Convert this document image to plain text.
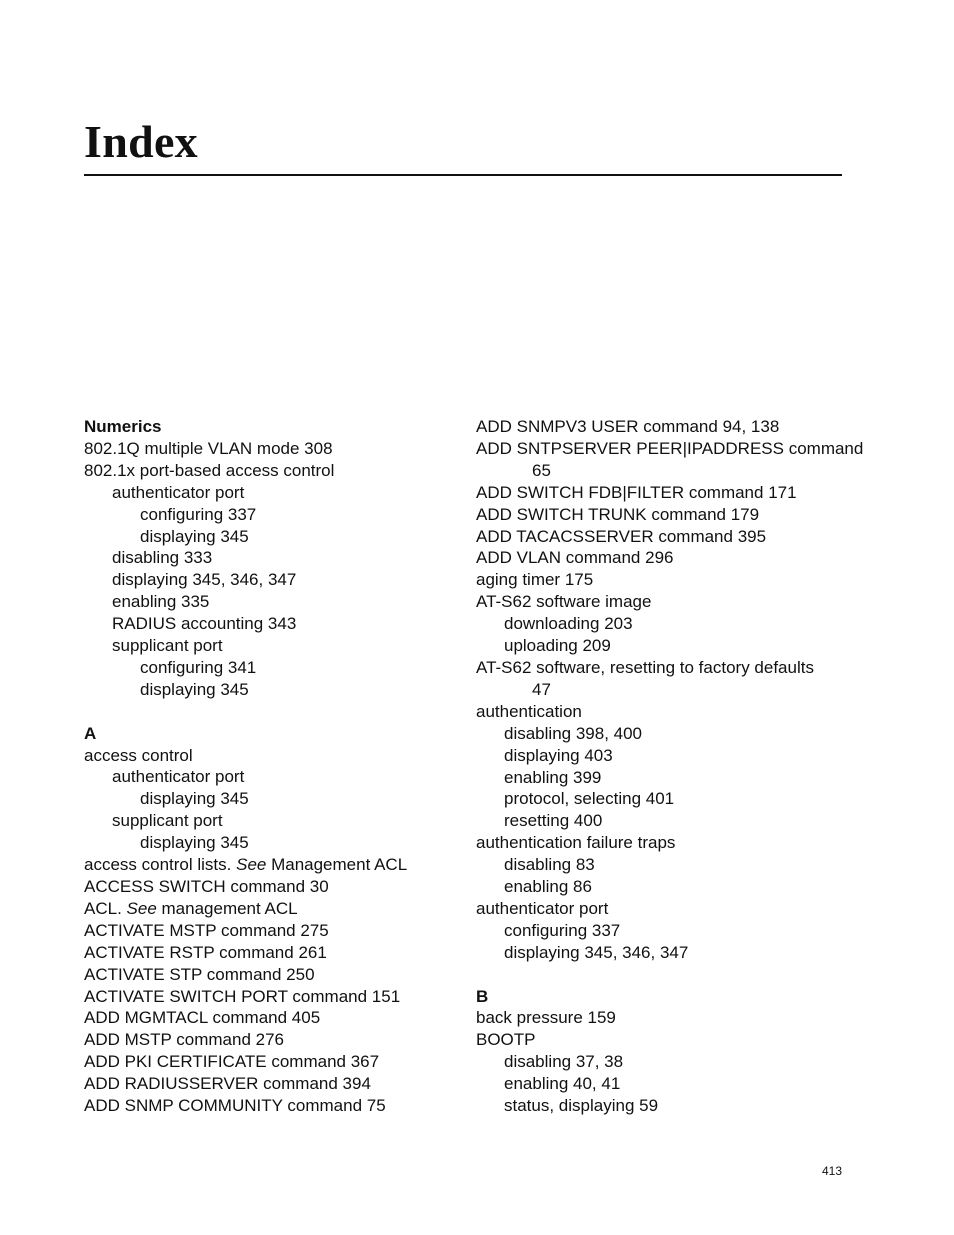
Index
Numerics
802.1Q multiple VLAN mode 308
802.1x port-based access control
authenticator port
configuring 337
displaying 345
disabling 333
displaying 345, 346, 347
enabling 335
RADIUS accounting 343
supplicant port
configuring 341
displaying 345
A
access control
authenticator port
displaying 345
supplicant port
displaying 345
access control lists. See Management ACL
ACCESS SWITCH command 30
ACL. See management ACL
ACTIVATE MSTP command 275
ACTIVATE RSTP command 261
ACTIVATE STP command 250
ACTIVATE SWITCH PORT command 151
ADD MGMTACL command 405
ADD MSTP command 276
ADD PKI CERTIFICATE command 367
ADD RADIUSSERVER command 394
ADD SNMP COMMUNITY command 75
ADD SNMPV3 USER command 94, 138
ADD SNTPSERVER PEER|IPADDRESS command
65
ADD SWITCH FDB|FILTER command 171
ADD SWITCH TRUNK command 179
ADD TACACSSERVER command 395
ADD VLAN command 296
aging timer 175
AT-S62 software image
downloading 203
uploading 209
AT-S62 software, resetting to factory defaults
47
authentication
disabling 398, 400
displaying 403
enabling 399
protocol, selecting 401
resetting 400
authentication failure traps
disabling 83
enabling 86
authenticator port
configuring 337
displaying 345, 346, 347
B
back pressure 159
BOOTP
disabling 37, 38
enabling 40, 41
status, displaying 59
413
